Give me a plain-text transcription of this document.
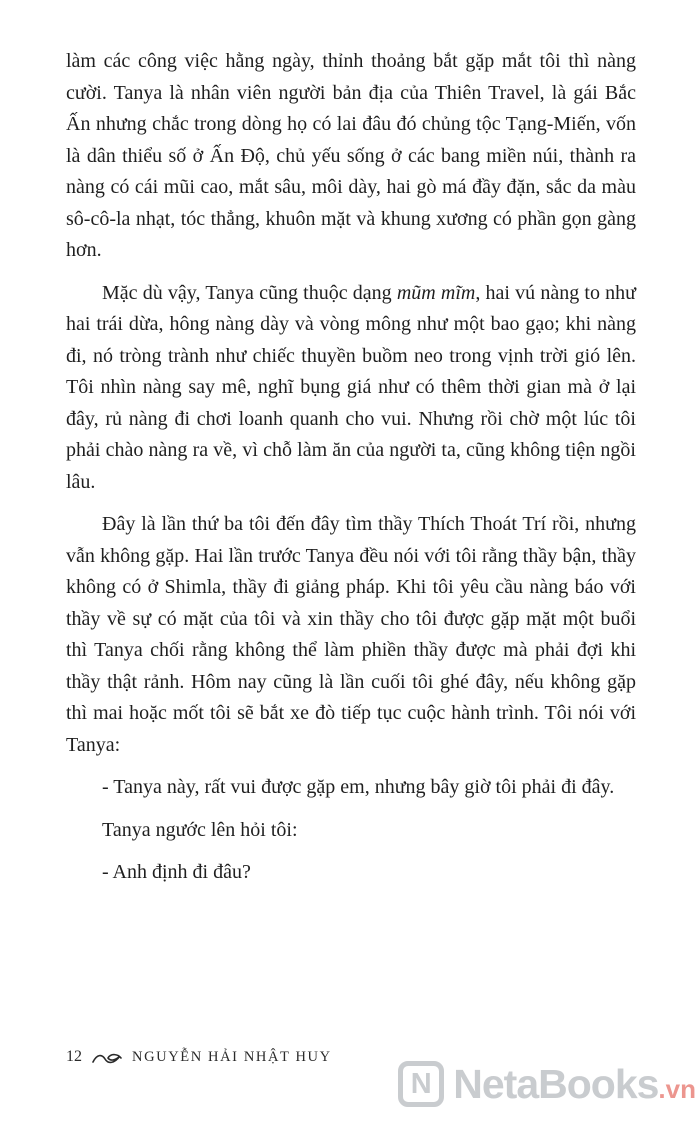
làm các công việc hằng ngày, thỉnh thoảng bắt gặp mắt tôi thì nàng cười. Tanya là nhân viên người bản địa của Thiên Travel, là gái Bắc Ấn nhưng chắc trong dòng họ có lai đâu đó chủng tộc Tạng-Miến, vốn là dân thiểu số ở Ấn Độ, chủ yếu sống ở các bang miền núi, thành ra nàng có cái mũi cao, mắt sâu, môi dày, hai gò má đầy đặn, sắc da màu sô-cô-la nhạt, tóc thẳng, khuôn mặt và khung xương có phần gọn gàng hơn.

Mặc dù vậy, Tanya cũng thuộc dạng mũm mĩm, hai vú nàng to như hai trái dừa, hông nàng dày và vòng mông như một bao gạo; khi nàng đi, nó tròng trành như chiếc thuyền buồm neo trong vịnh trời gió lên. Tôi nhìn nàng say mê, nghĩ bụng giá như có thêm thời gian mà ở lại đây, rủ nàng đi chơi loanh quanh cho vui. Nhưng rồi chờ một lúc tôi phải chào nàng ra về, vì chỗ làm ăn của người ta, cũng không tiện ngồi lâu.

Đây là lần thứ ba tôi đến đây tìm thầy Thích Thoát Trí rồi, nhưng vẫn không gặp. Hai lần trước Tanya đều nói với tôi rằng thầy bận, thầy không có ở Shimla, thầy đi giảng pháp. Khi tôi yêu cầu nàng báo với thầy về sự có mặt của tôi và xin thầy cho tôi được gặp mặt một buổi thì Tanya chối rằng không thể làm phiền thầy được mà phải đợi khi thầy thật rảnh. Hôm nay cũng là lần cuối tôi ghé đây, nếu không gặp thì mai hoặc mốt tôi sẽ bắt xe đò tiếp tục cuộc hành trình. Tôi nói với Tanya:

- Tanya này, rất vui được gặp em, nhưng bây giờ tôi phải đi đây.

Tanya ngước lên hỏi tôi:

- Anh định đi đâu?

12	NGUYỄN HẢI NHẬT HUY
N NetaBooks.vn
